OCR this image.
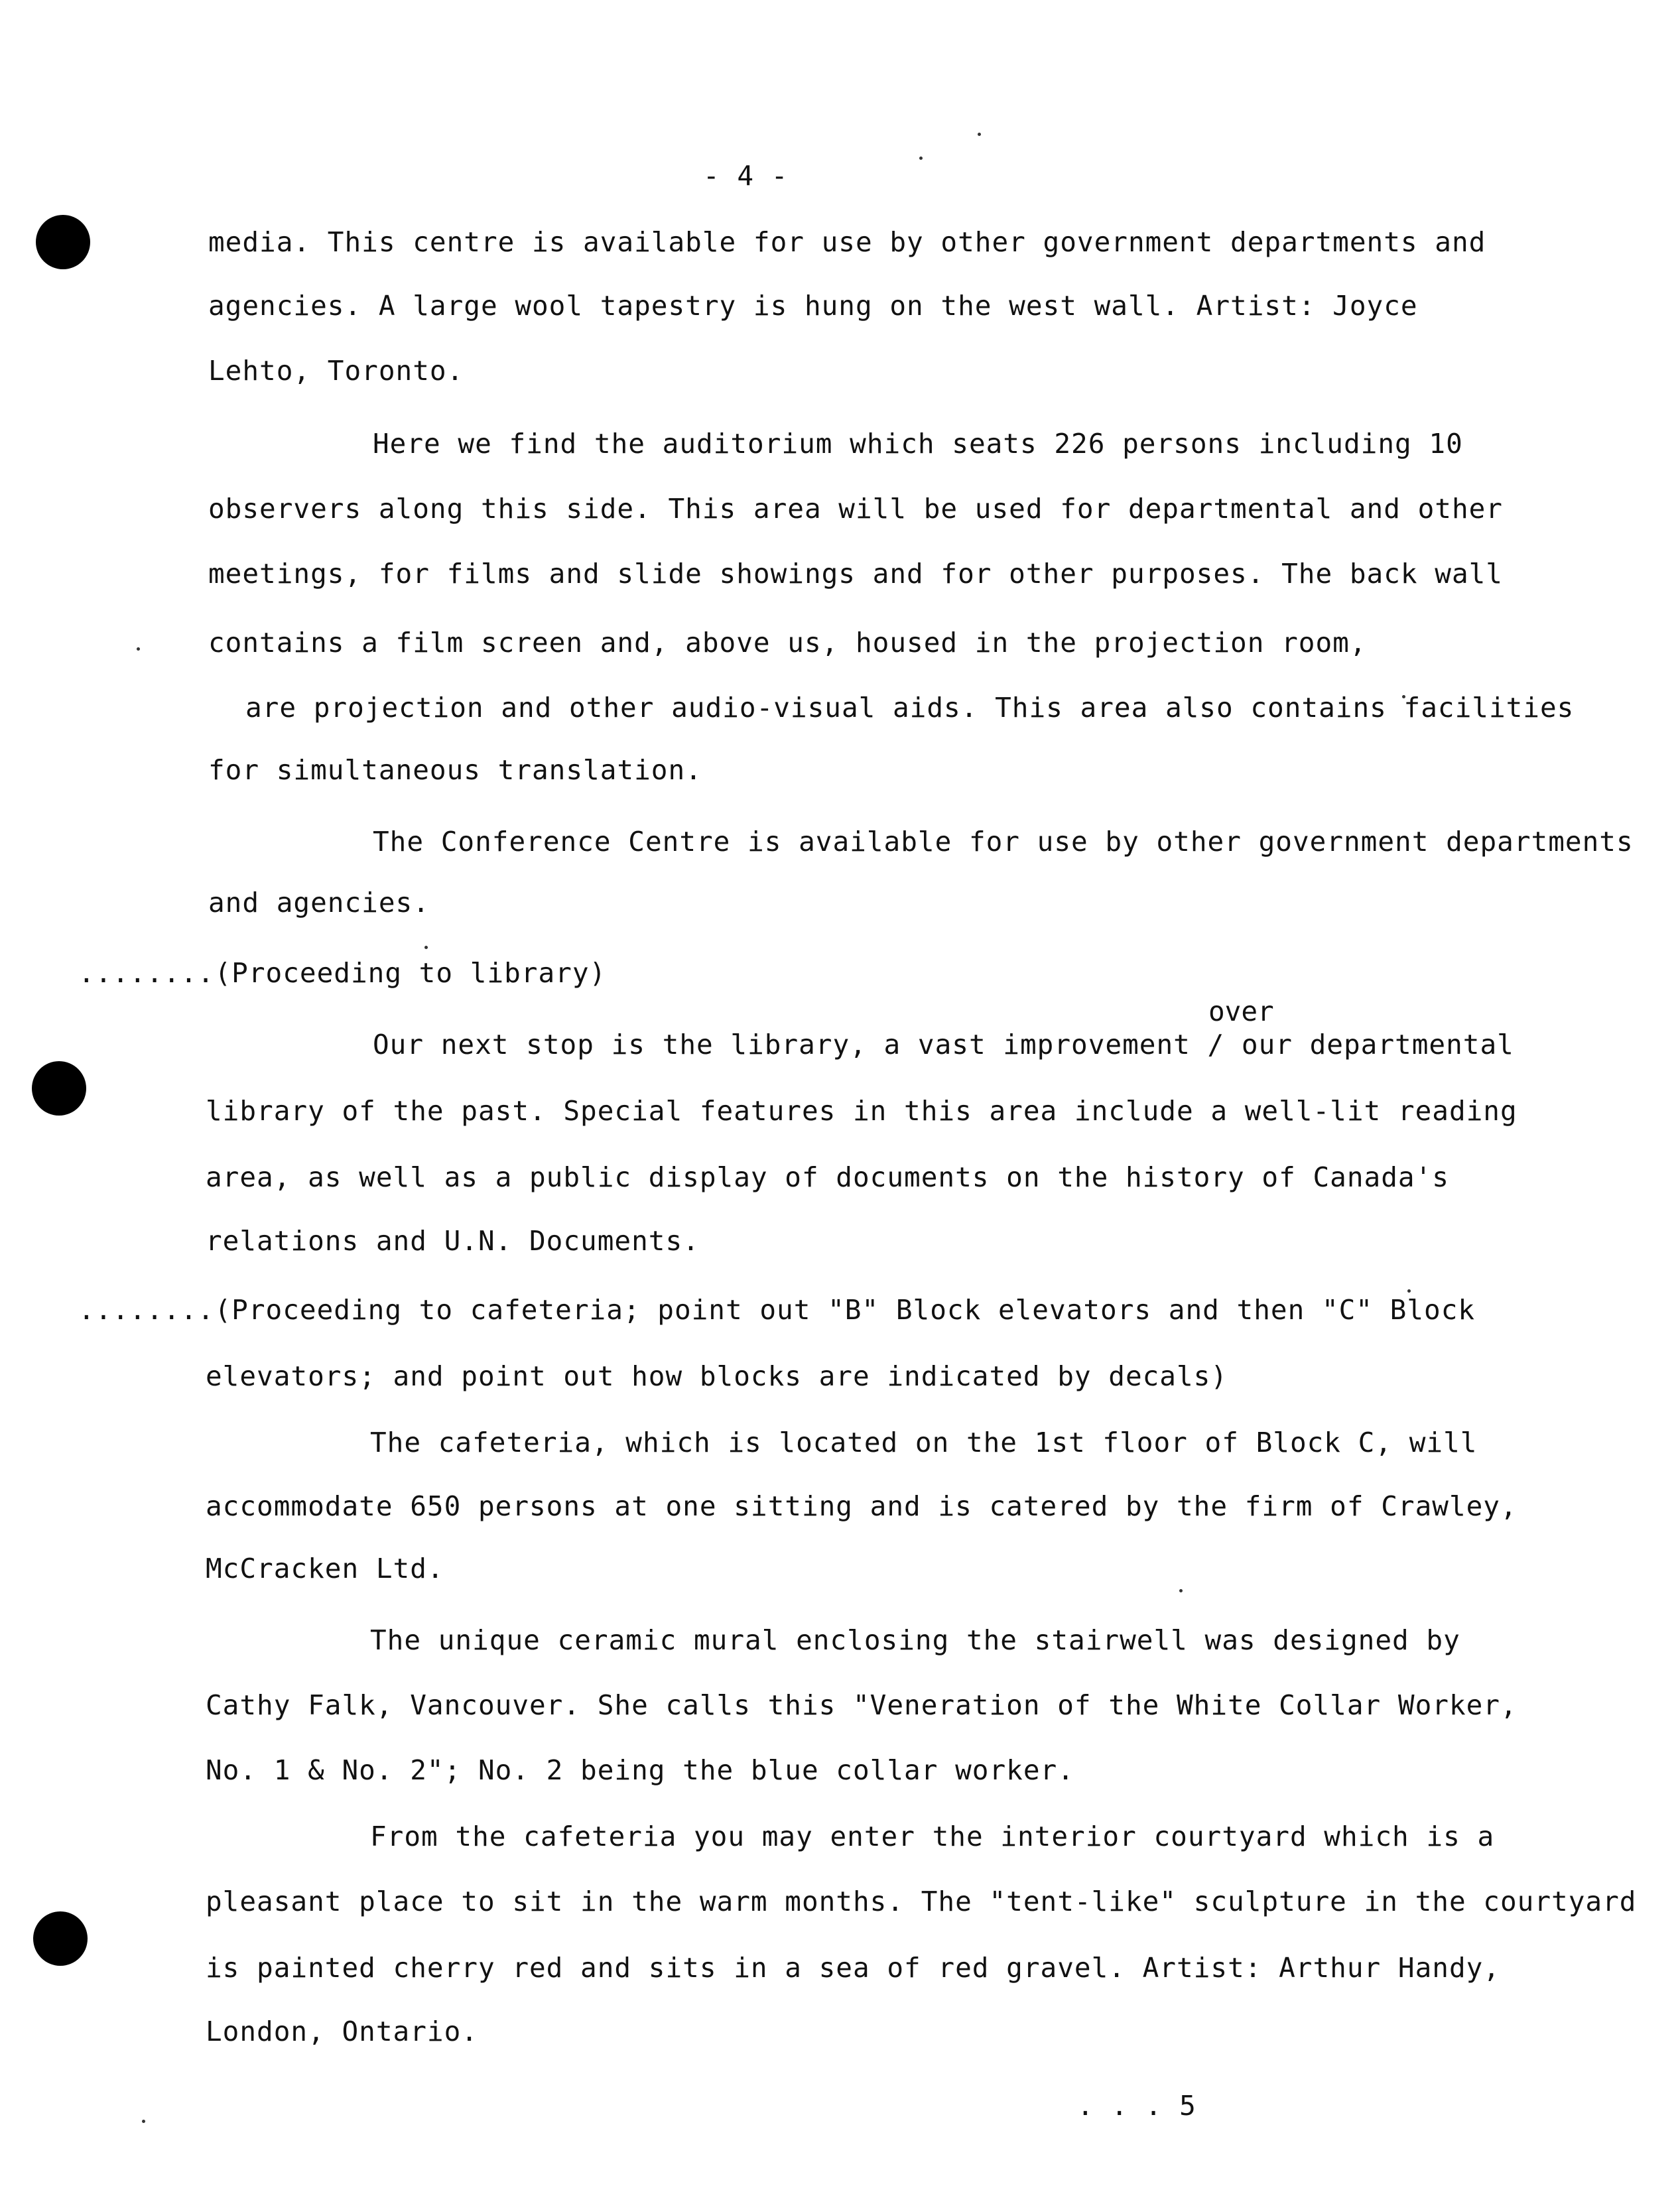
- 4 -
media. This centre is available for use by other government departments and
agencies. A large wool tapestry is hung on the west wall. Artist: Joyce
Lehto, Toronto.
Here we find the auditorium which seats 226 persons including 10
observers along this side. This area will be used for departmental and other
meetings, for films and slide showings and for other purposes. The back wall
contains a film screen and, above us, housed in the projection room,
are projection and other audio-visual aids. This area also contains facilities
for simultaneous translation.
The Conference Centre is available for use by other government departments
and agencies.
........(Proceeding to library)
over
Our next stop is the library, a vast improvement / our departmental
library of the past. Special features in this area include a well-lit reading
area, as well as a public display of documents on the history of Canada's
relations and U.N. Documents.
........(Proceeding to cafeteria; point out "B" Block elevators and then "C" Block
elevators; and point out how blocks are indicated by decals)
The cafeteria, which is located on the 1st floor of Block C, will
accommodate 650 persons at one sitting and is catered by the firm of Crawley,
McCracken Ltd.
The unique ceramic mural enclosing the stairwell was designed by
Cathy Falk, Vancouver. She calls this "Veneration of the White Collar Worker,
No. 1 & No. 2"; No. 2 being the blue collar worker.
From the cafeteria you may enter the interior courtyard which is a
pleasant place to sit in the warm months. The "tent-like" sculpture in the courtyard
is painted cherry red and sits in a sea of red gravel. Artist: Arthur Handy,
London, Ontario.
. . . 5
